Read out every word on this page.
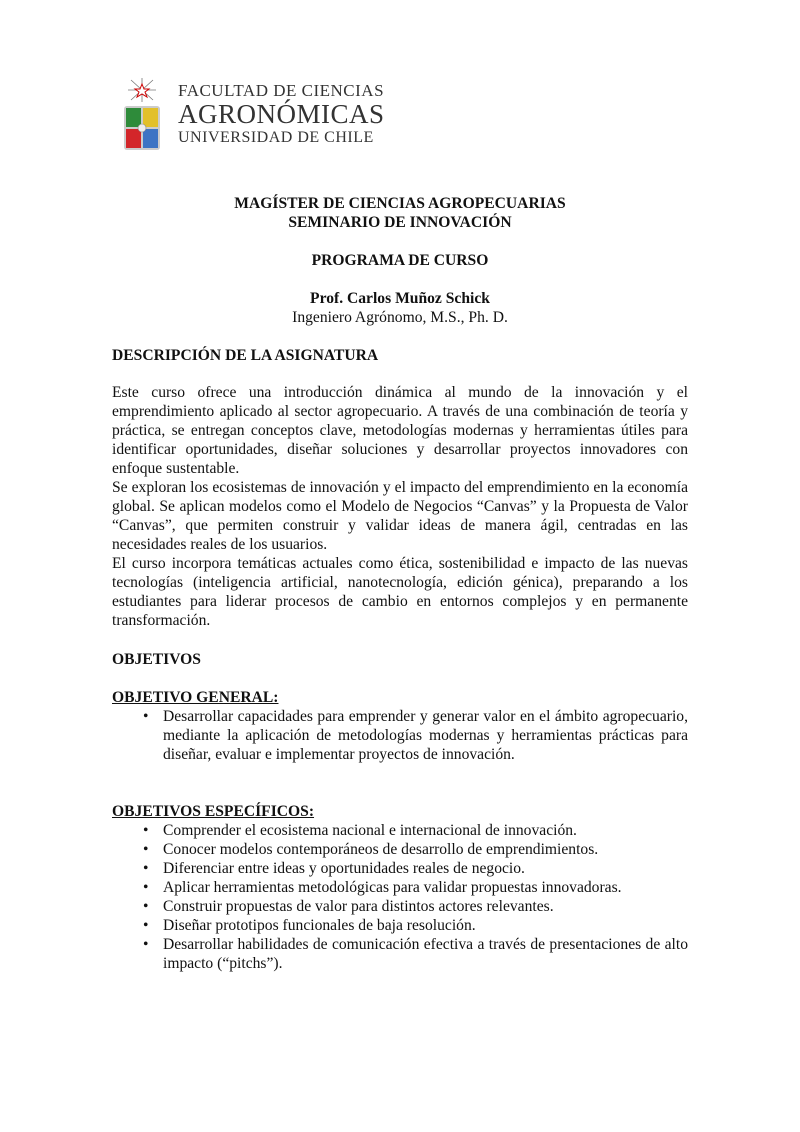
FACULTAD DE CIENCIAS
AGRONÓMICAS
UNIVERSIDAD DE CHILE
MAGÍSTER DE CIENCIAS AGROPECUARIAS
SEMINARIO DE INNOVACIÓN
PROGRAMA DE CURSO
Prof. Carlos Muñoz Schick
Ingeniero Agrónomo, M.S., Ph. D.
DESCRIPCIÓN DE LA ASIGNATURA

Este curso ofrece una introducción dinámica al mundo de la innovación y el emprendimiento aplicado al sector agropecuario. A través de una combinación de teoría y práctica, se entregan conceptos clave, metodologías modernas y herramientas útiles para identificar oportunidades, diseñar soluciones y desarrollar proyectos innovadores con enfoque sustentable.

Se exploran los ecosistemas de innovación y el impacto del emprendimiento en la economía global. Se aplican modelos como el Modelo de Negocios “Canvas” y la Propuesta de Valor “Canvas”, que permiten construir y validar ideas de manera ágil, centradas en las necesidades reales de los usuarios.

El curso incorpora temáticas actuales como ética, sostenibilidad e impacto de las nuevas tecnologías (inteligencia artificial, nanotecnología, edición génica), preparando a los estudiantes para liderar procesos de cambio en entornos complejos y en permanente transformación.

OBJETIVOS
OBJETIVO GENERAL:
• Desarrollar capacidades para emprender y generar valor en el ámbito agropecuario, mediante la aplicación de metodologías modernas y herramientas prácticas para diseñar, evaluar e implementar proyectos de innovación.
OBJETIVOS ESPECÍFICOS:
• Comprender el ecosistema nacional e internacional de innovación.
• Conocer modelos contemporáneos de desarrollo de emprendimientos.
• Diferenciar entre ideas y oportunidades reales de negocio.
• Aplicar herramientas metodológicas para validar propuestas innovadoras.
• Construir propuestas de valor para distintos actores relevantes.
• Diseñar prototipos funcionales de baja resolución.
• Desarrollar habilidades de comunicación efectiva a través de presentaciones de alto impacto (“pitchs”).
